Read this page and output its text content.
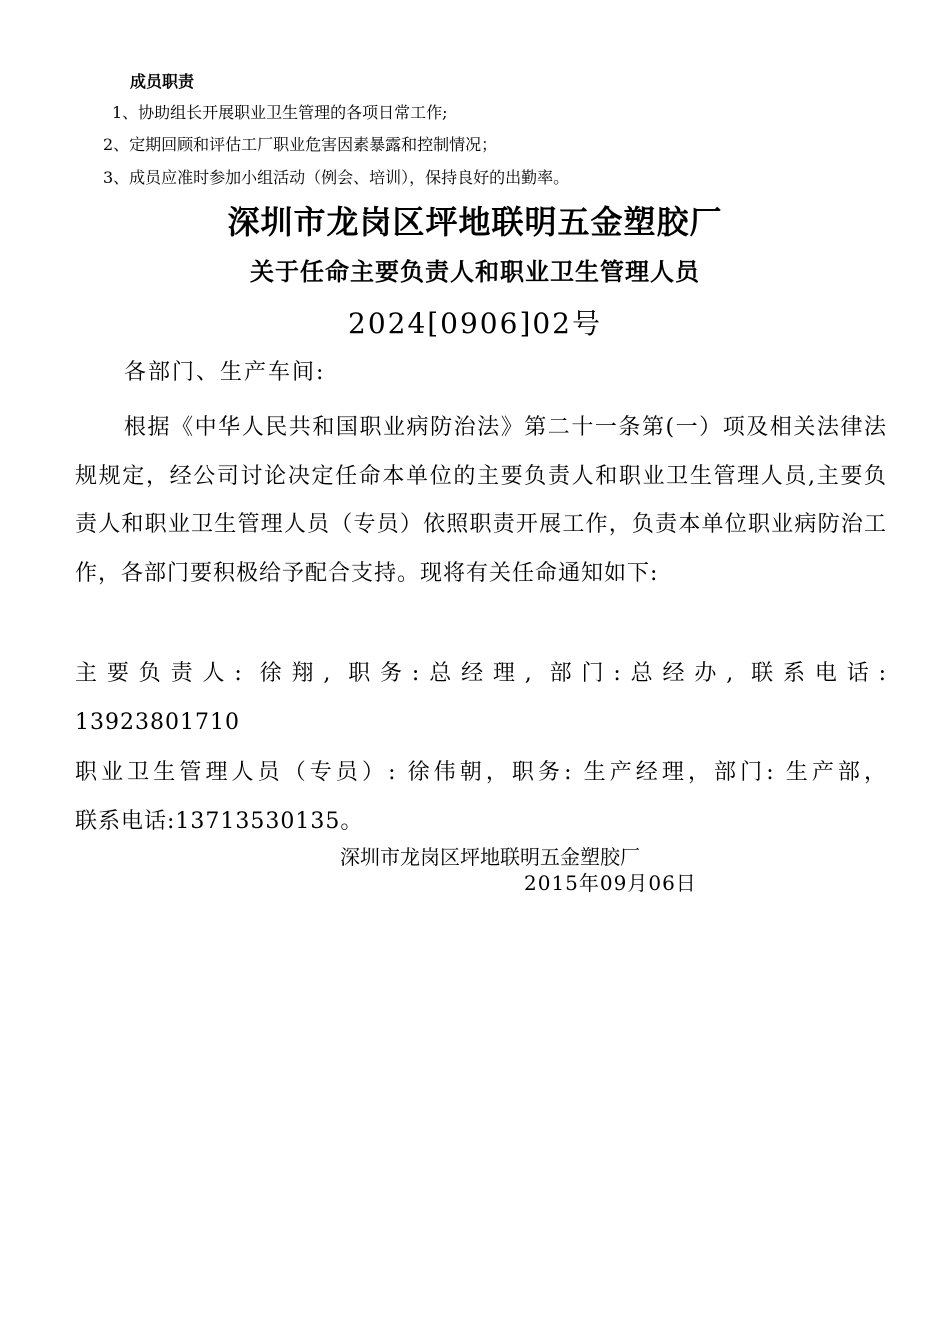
成员职责
1、协助组长开展职业卫生管理的各项日常工作;
2、定期回顾和评估工厂职业危害因素暴露和控制情况；
3、成员应准时参加小组活动（例会、培训），保持良好的出勤率。
深圳市龙岗区坪地联明五金塑胶厂
关于任命主要负责人和职业卫生管理人员
2024[0906]02号
各部门、生产车间:

根据《中华人民共和国职业病防治法》第二十一条第(一）项及相关法律法规规定，经公司讨论决定任命本单位的主要负责人和职业卫生管理人员,主要负责人和职业卫生管理人员（专员）依照职责开展工作，负责本单位职业病防治工作，各部门要积极给予配合支持。现将有关任命通知如下:

主要负责人: 徐翔, 职务:总经理, 部门:总经办, 联系电话:

13923801710

职业卫生管理人员（专员）: 徐伟朝，职务: 生产经理，部门: 生产部，

联系电话:13713530135。

深圳市龙岗区坪地联明五金塑胶厂
2015年09月06日
